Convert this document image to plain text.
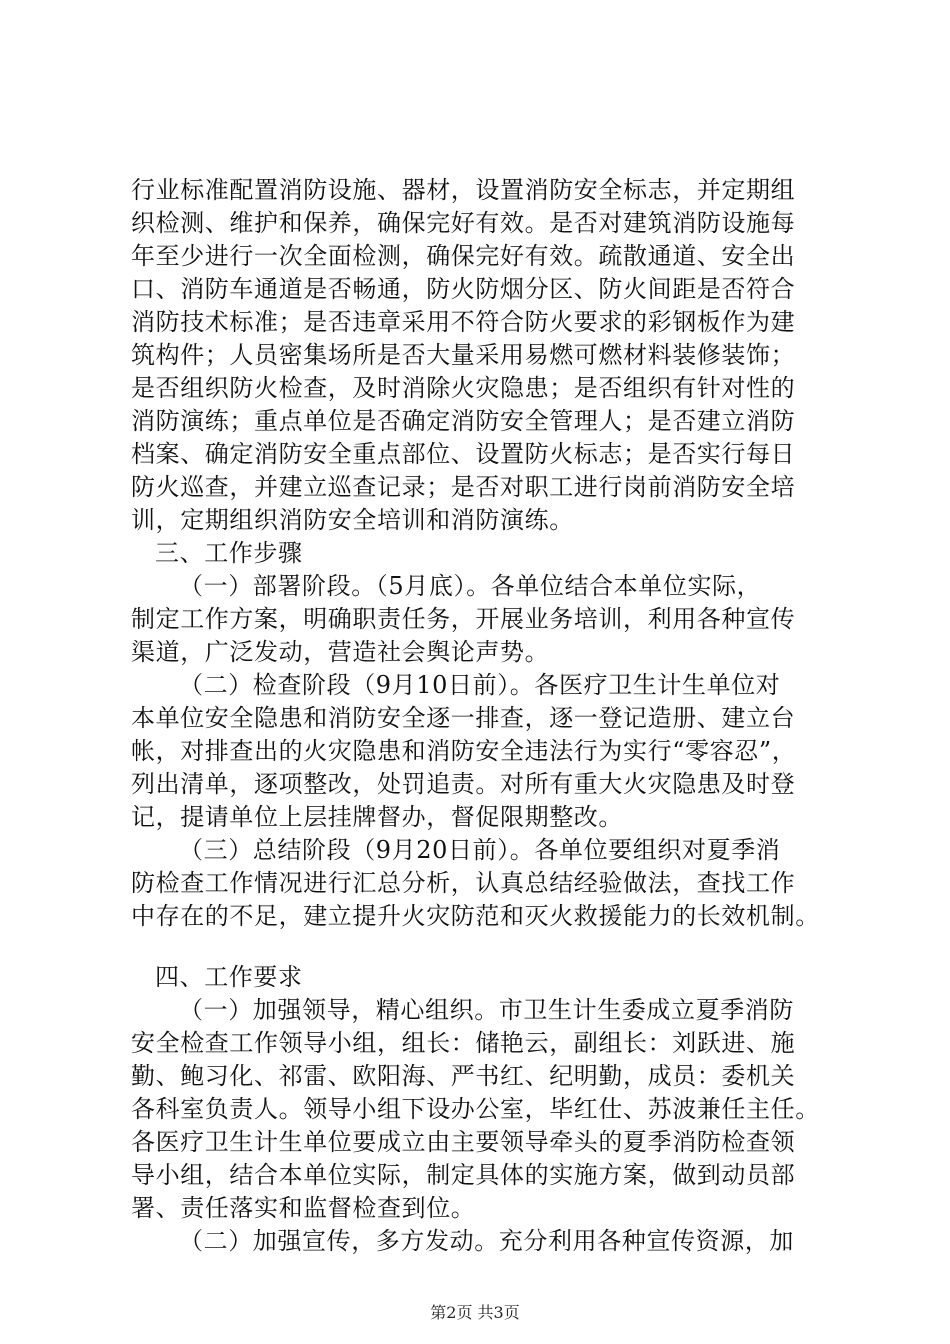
行业标准配置消防设施、器材，设置消防安全标志，并定期组
织检测、维护和保养，确保完好有效。是否对建筑消防设施每
年至少进行一次全面检测，确保完好有效。疏散通道、安全出
口、消防车通道是否畅通，防火防烟分区、防火间距是否符合
消防技术标准；是否违章采用不符合防火要求的彩钢板作为建
筑构件；人员密集场所是否大量采用易燃可燃材料装修装饰；
是否组织防火检查，及时消除火灾隐患；是否组织有针对性的
消防演练；重点单位是否确定消防安全管理人；是否建立消防
档案、确定消防安全重点部位、设置防火标志；是否实行每日
防火巡查，并建立巡查记录；是否对职工进行岗前消防安全培
训，定期组织消防安全培训和消防演练。
三、工作步骤
（一）部署阶段。（5月底）。各单位结合本单位实际，
制定工作方案，明确职责任务，开展业务培训，利用各种宣传
渠道，广泛发动，营造社会舆论声势。
（二）检查阶段（9月10日前）。各医疗卫生计生单位对
本单位安全隐患和消防安全逐一排查，逐一登记造册、建立台
帐，对排查出的火灾隐患和消防安全违法行为实行“零容忍”，
列出清单，逐项整改，处罚追责。对所有重大火灾隐患及时登
记，提请单位上层挂牌督办，督促限期整改。
（三）总结阶段（9月20日前）。各单位要组织对夏季消
防检查工作情况进行汇总分析，认真总结经验做法，查找工作
中存在的不足，建立提升火灾防范和灭火救援能力的长效机制。
四、工作要求
（一）加强领导，精心组织。市卫生计生委成立夏季消防
安全检查工作领导小组，组长：储艳云，副组长：刘跃进、施
勤、鲍习化、祁雷、欧阳海、严书红、纪明勤，成员：委机关
各科室负责人。领导小组下设办公室，毕红仕、苏波兼任主任。
各医疗卫生计生单位要成立由主要领导牵头的夏季消防检查领
导小组，结合本单位实际，制定具体的实施方案，做到动员部
署、责任落实和监督检查到位。
（二）加强宣传，多方发动。充分利用各种宣传资源，加
第2页 共3页
